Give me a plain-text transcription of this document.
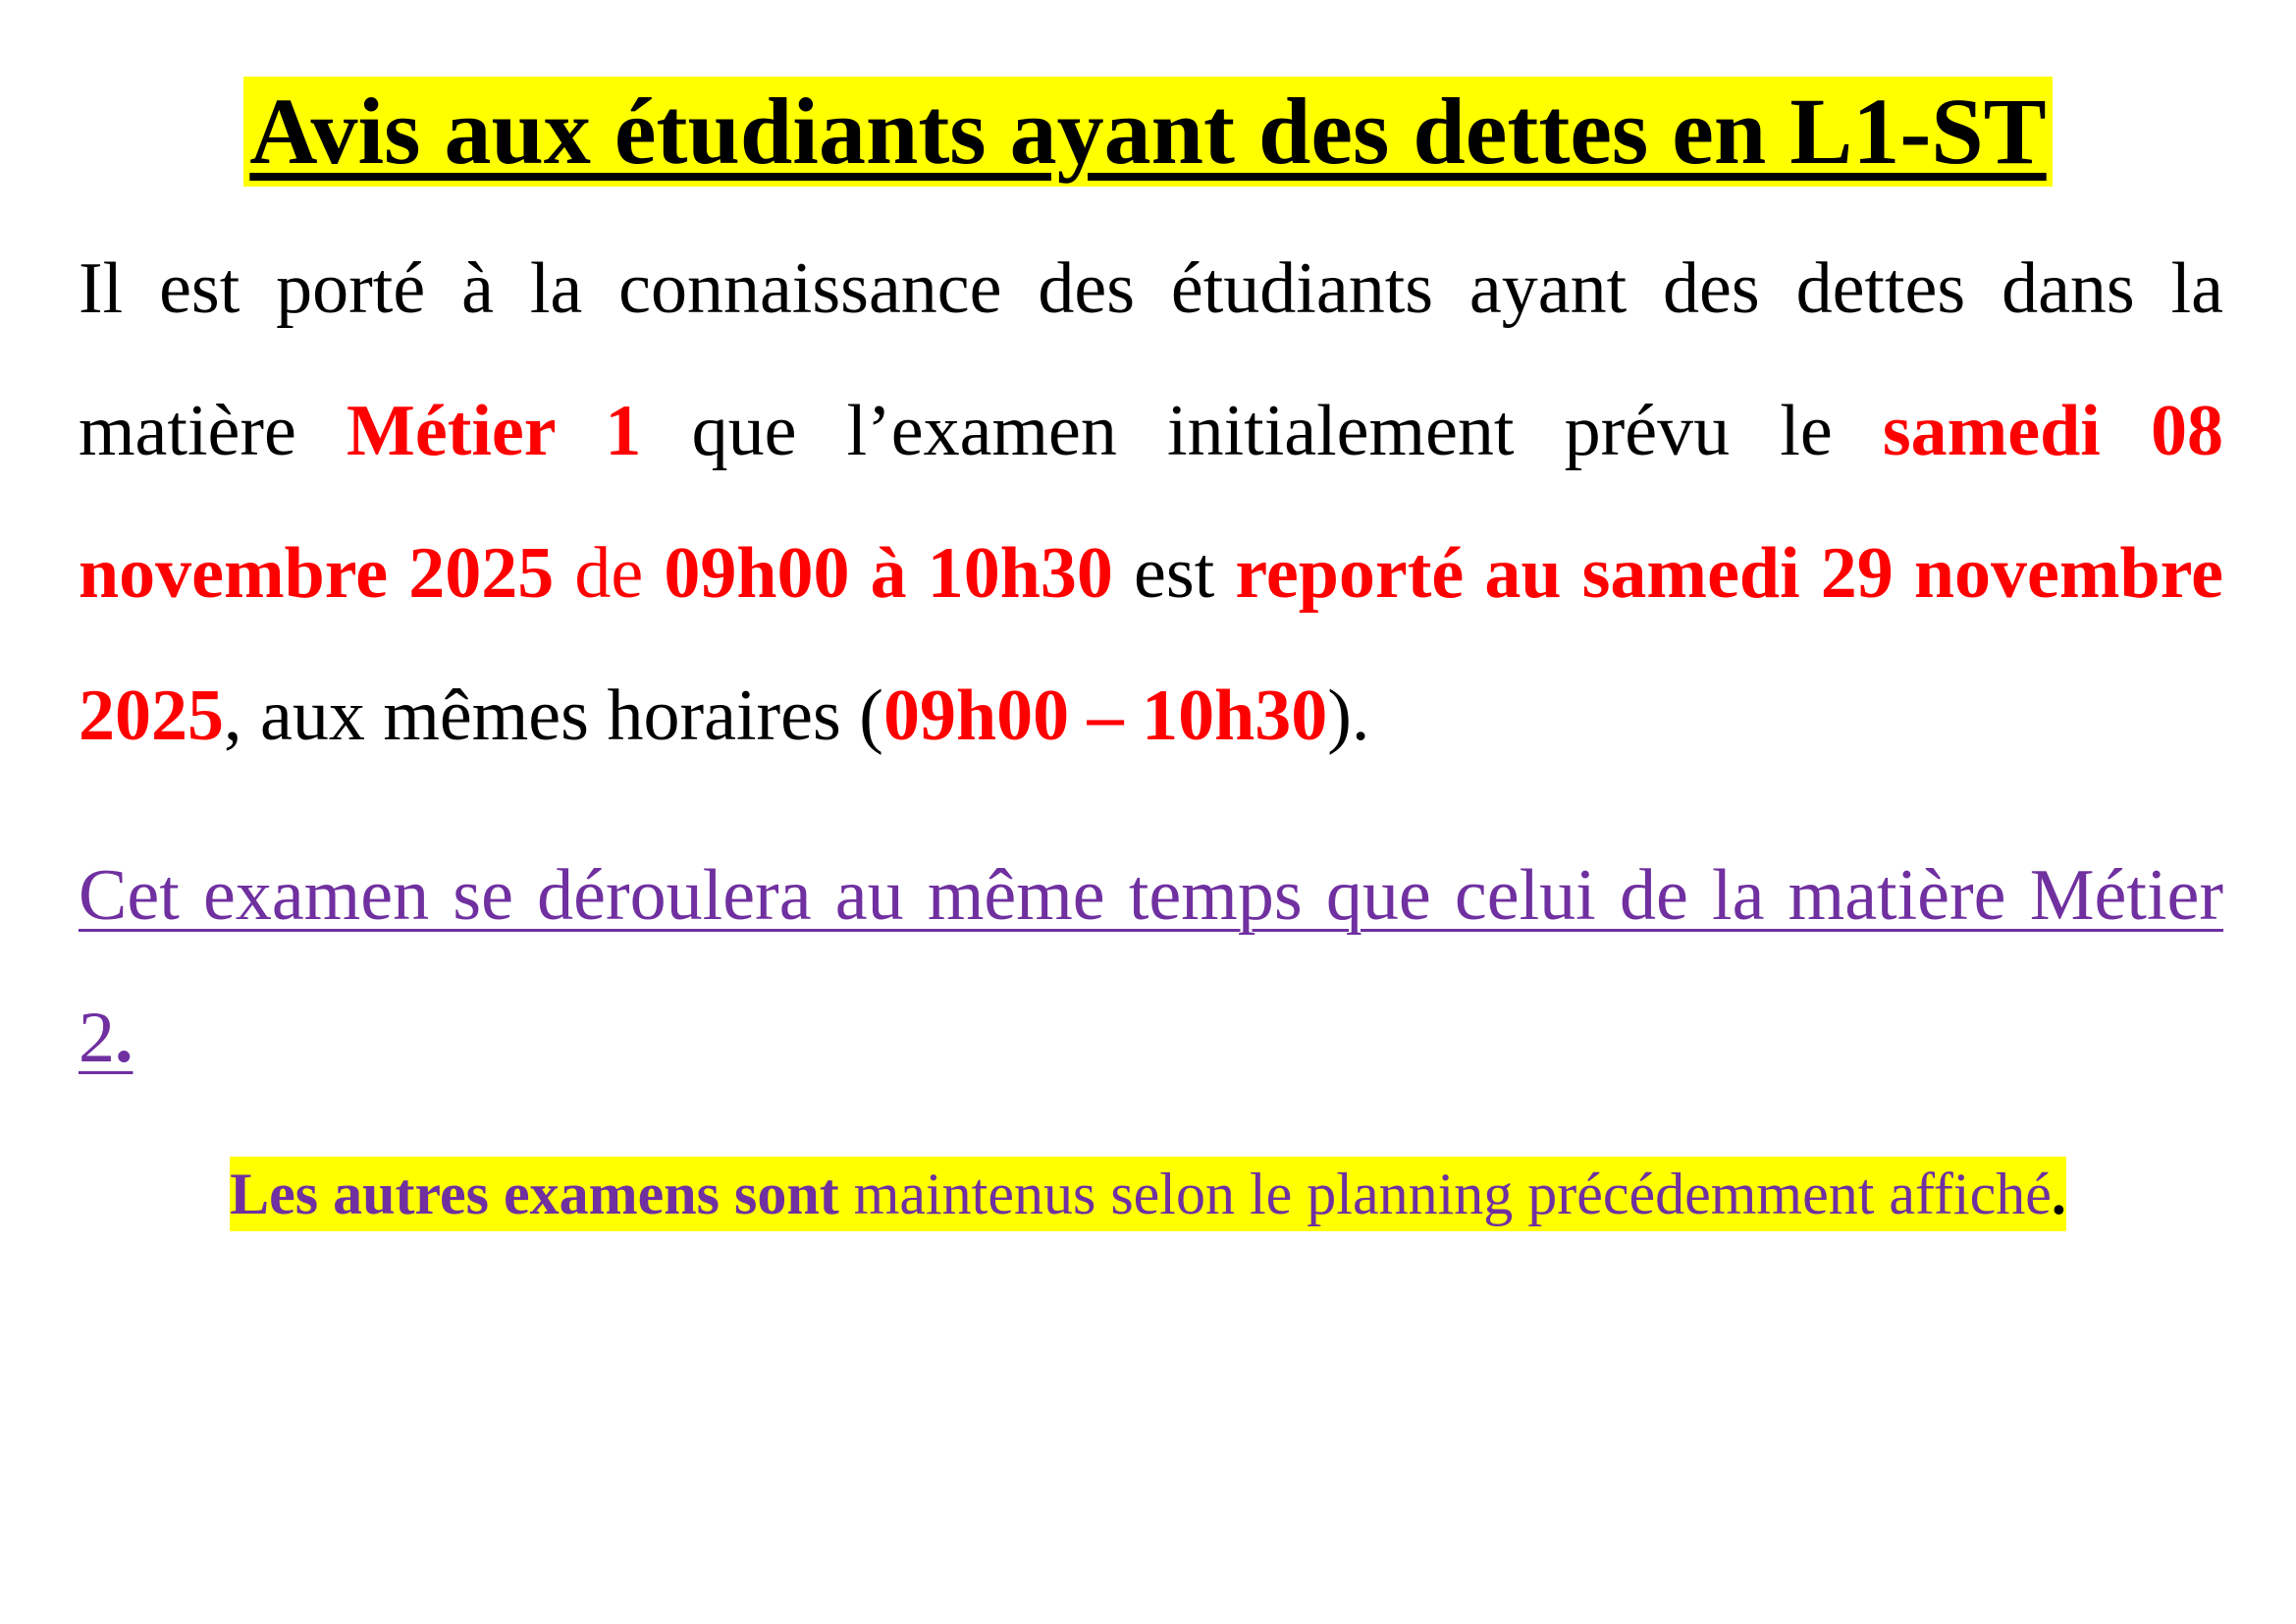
Avis aux étudiants ayant des dettes en L1-ST
Il est porté à la connaissance des étudiants ayant des dettes dans la matière Métier 1 que l’examen initialement prévu le samedi 08 novembre 2025 de 09h00 à 10h30 est reporté au samedi 29 novembre 2025, aux mêmes horaires (09h00 – 10h30).
Cet examen se déroulera au même temps que celui de la matière Métier 2.
Les autres examens sont maintenus selon le planning précédemment affiché.
